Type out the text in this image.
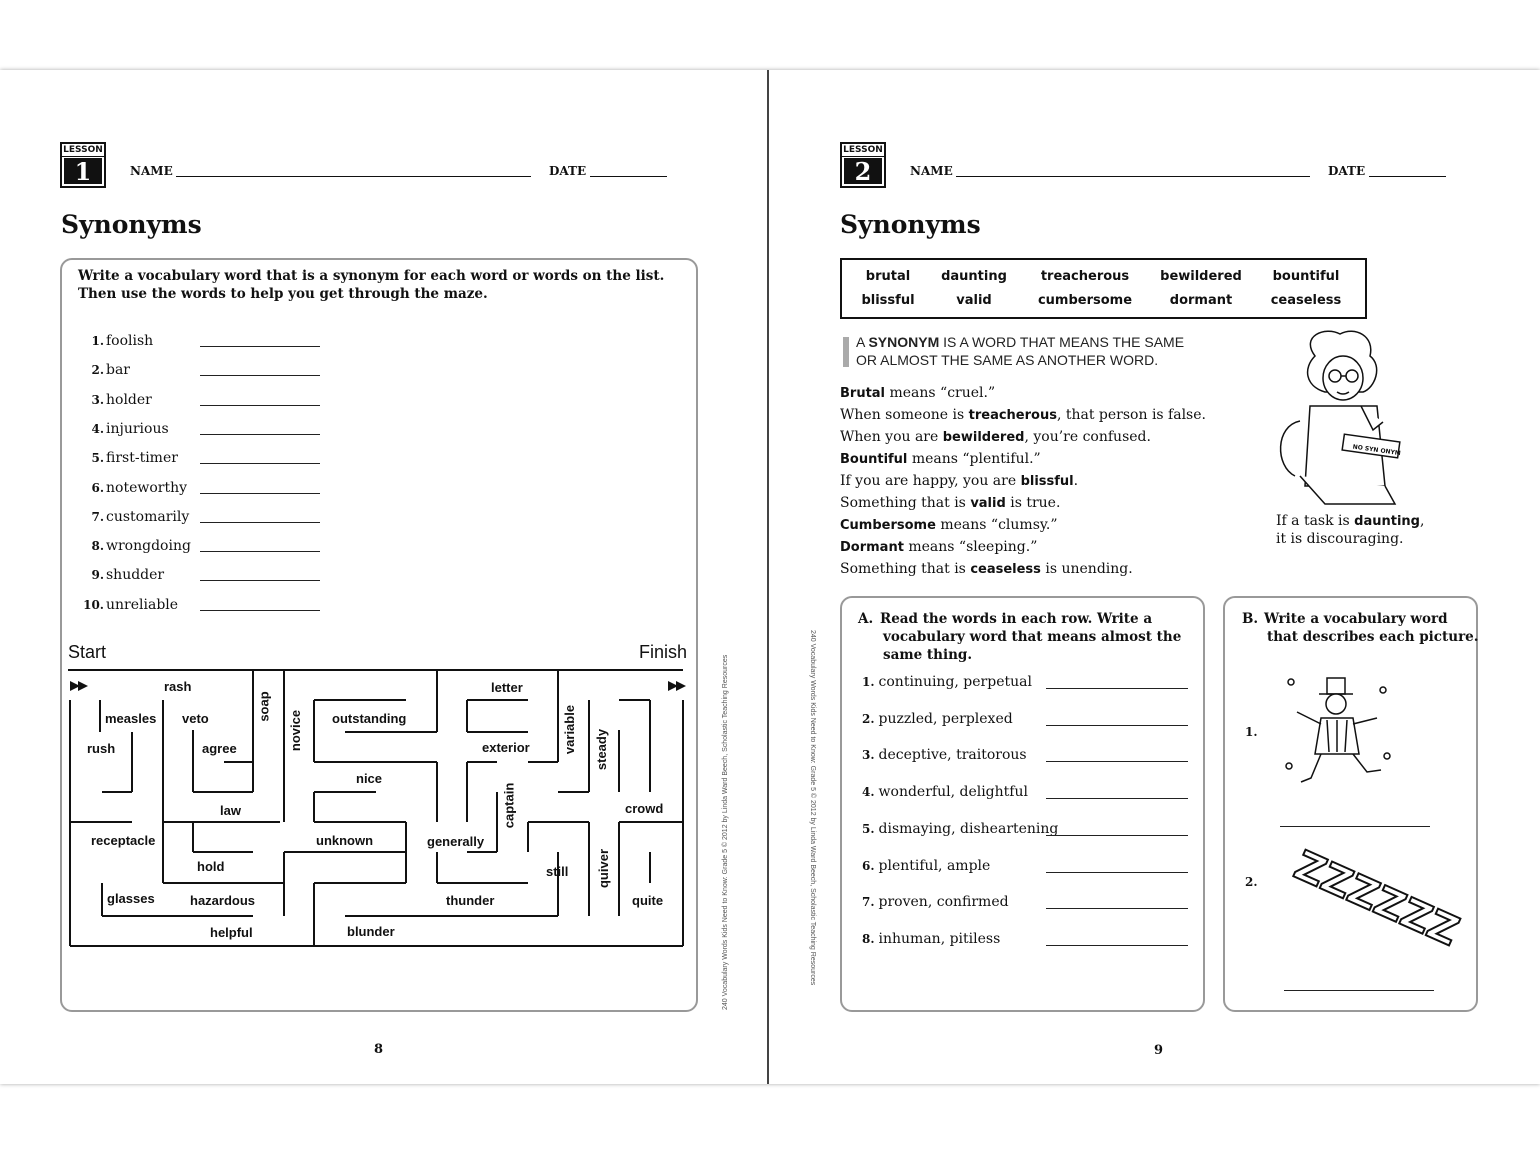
LESSON
1	NAME	DATE
Synonyms
Write a vocabulary word that is a synonym for each word or words on the list.
Then use the words to help you get through the maze.
1. foolish
2. bar
3. holder
4. injurious
5. first-timer
6. noteworthy
7. customarily
8. wrongdoing
9. shudder
10. unreliable
Start	Finish
rash
soap
letter
measles veto	novice outstanding	variable
rush	agree	exterior	steady
nice
captain
law	crowd
receptacle	unknown	generally
hold	quiver
still
glasses	hazardous	thunder	quite
helpful	blunder
8
240 Vocabulary Words Kids Need to Know: Grade 5 © 2012 by Linda Ward Beech, Scholastic Teaching Resources	240 Vocabulary Words Kids Need to Know: Grade 5 © 2012 by Linda Ward Beech, Scholastic Teaching Resources
LESSON
2	NAME	DATE
Synonyms
brutal	daunting	treacherous	bewildered	bountiful
blissful	valid	cumbersome	dormant	ceaseless
A SYNONYM IS A WORD THAT MEANS THE SAME
OR ALMOST THE SAME AS ANOTHER WORD.
Brutal means “cruel.”
When someone is treacherous, that person is false.
When you are bewildered, you’re confused.
Bountiful means “plentiful.”
If you are happy, you are blissful.
Something that is valid is true.
Cumbersome means “clumsy.”
Dormant means “sleeping.”
Something that is ceaseless is unending.
NO SYN ONYM
If a task is daunting,
it is discouraging.
A. Read the words in each row. Write a
vocabulary word that means almost the
same thing.
1. continuing, perpetual
2. puzzled, perplexed
3. deceptive, traitorous
4. wonderful, delightful
5. dismaying, disheartening
6. plentiful, ample
7. proven, confirmed
8. inhuman, pitiless
B. Write a vocabulary word
that describes each picture.
1.
2. ZZZZZZ
9
